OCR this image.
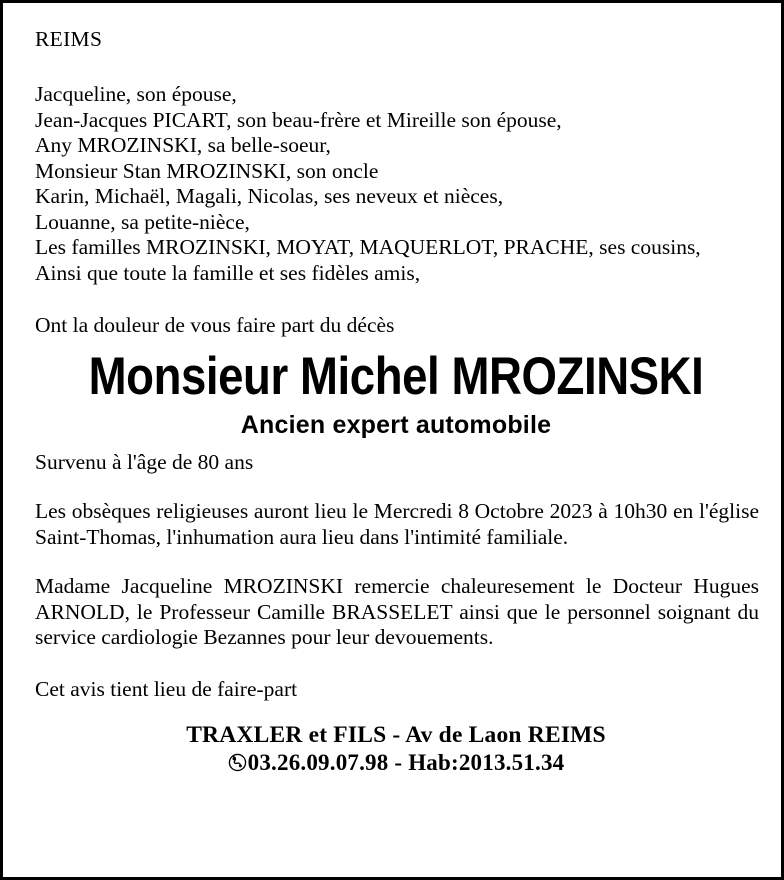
REIMS
Jacqueline, son épouse,
Jean-Jacques PICART, son beau-frère et Mireille son épouse,
Any MROZINSKI, sa belle-soeur,
Monsieur Stan MROZINSKI, son oncle
Karin, Michaël, Magali, Nicolas, ses neveux et nièces,
Louanne, sa petite-nièce,
Les familles MROZINSKI, MOYAT, MAQUERLOT, PRACHE, ses cousins,
Ainsi que toute la famille et ses fidèles amis,
Ont la douleur de vous faire part du décès
Monsieur Michel MROZINSKI
Ancien expert automobile
Survenu à l'âge de 80 ans
Les obsèques religieuses auront lieu le Mercredi 8 Octobre 2023 à 10h30 en l'église Saint-Thomas, l'inhumation aura lieu dans l'intimité familiale.
Madame Jacqueline MROZINSKI remercie chaleuresement le Docteur Hugues ARNOLD, le Professeur Camille BRASSELET ainsi que le personnel soignant du service cardiologie Bezannes pour leur devouements.
Cet avis tient lieu de faire-part
TRAXLER et FILS - Av de Laon REIMS
03.26.09.07.98 - Hab:2013.51.34
